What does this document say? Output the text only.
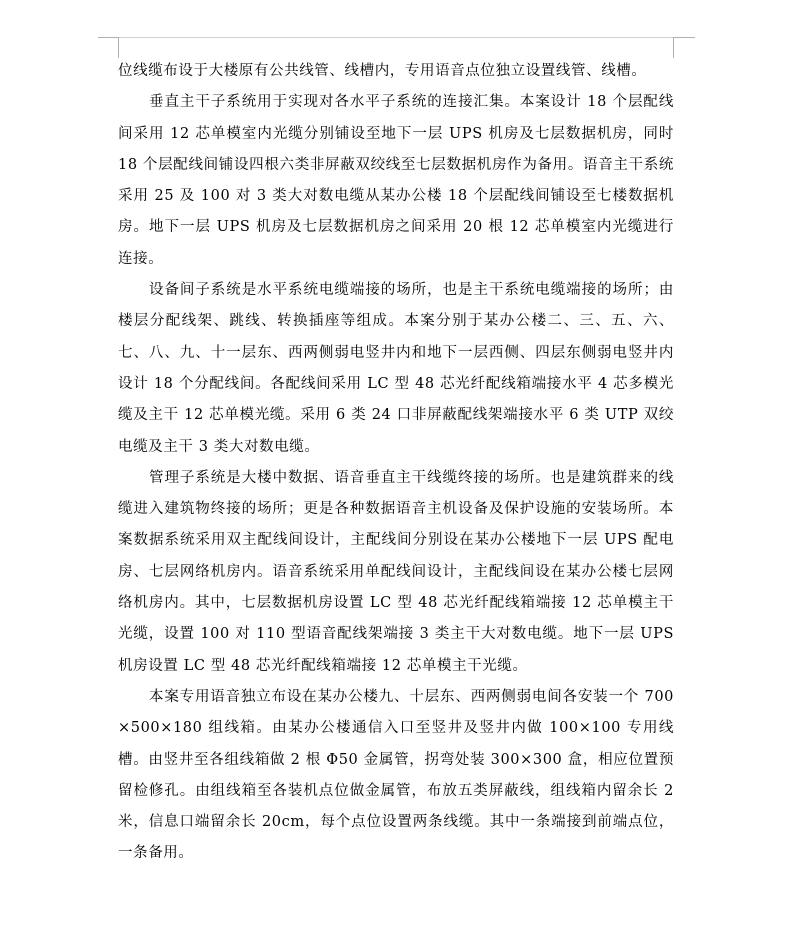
位线缆布设于大楼原有公共线管、线槽内，专用语音点位独立设置线管、线槽。

垂直主干子系统用于实现对各水平子系统的连接汇集。本案设计 18 个层配线间采用 12 芯单模室内光缆分别铺设至地下一层 UPS 机房及七层数据机房，同时 18 个层配线间铺设四根六类非屏蔽双绞线至七层数据机房作为备用。语音主干系统采用 25 及 100 对 3 类大对数电缆从某办公楼 18 个层配线间铺设至七楼数据机房。地下一层 UPS 机房及七层数据机房之间采用 20 根 12 芯单模室内光缆进行连接。

设备间子系统是水平系统电缆端接的场所，也是主干系统电缆端接的场所；由楼层分配线架、跳线、转换插座等组成。本案分别于某办公楼二、三、五、六、七、八、九、十一层东、西两侧弱电竖井内和地下一层西侧、四层东侧弱电竖井内设计 18 个分配线间。各配线间采用 LC 型 48 芯光纤配线箱端接水平 4 芯多模光缆及主干 12 芯单模光缆。采用 6 类 24 口非屏蔽配线架端接水平 6 类 UTP 双绞电缆及主干 3 类大对数电缆。

管理子系统是大楼中数据、语音垂直主干线缆终接的场所。也是建筑群来的线缆进入建筑物终接的场所；更是各种数据语音主机设备及保护设施的安装场所。本案数据系统采用双主配线间设计，主配线间分别设在某办公楼地下一层 UPS 配电房、七层网络机房内。语音系统采用单配线间设计，主配线间设在某办公楼七层网络机房内。其中，七层数据机房设置 LC 型 48 芯光纤配线箱端接 12 芯单模主干光缆，设置 100 对 110 型语音配线架端接 3 类主干大对数电缆。地下一层 UPS 机房设置 LC 型 48 芯光纤配线箱端接 12 芯单模主干光缆。

本案专用语音独立布设在某办公楼九、十层东、西两侧弱电间各安装一个 700×500×180 组线箱。由某办公楼通信入口至竖井及竖井内做 100×100 专用线槽。由竖井至各组线箱做 2 根 Φ50 金属管，拐弯处装 300×300 盒，相应位置预留检修孔。由组线箱至各装机点位做金属管，布放五类屏蔽线，组线箱内留余长 2 米，信息口端留余长 20cm，每个点位设置两条线缆。其中一条端接到前端点位，一条备用。
